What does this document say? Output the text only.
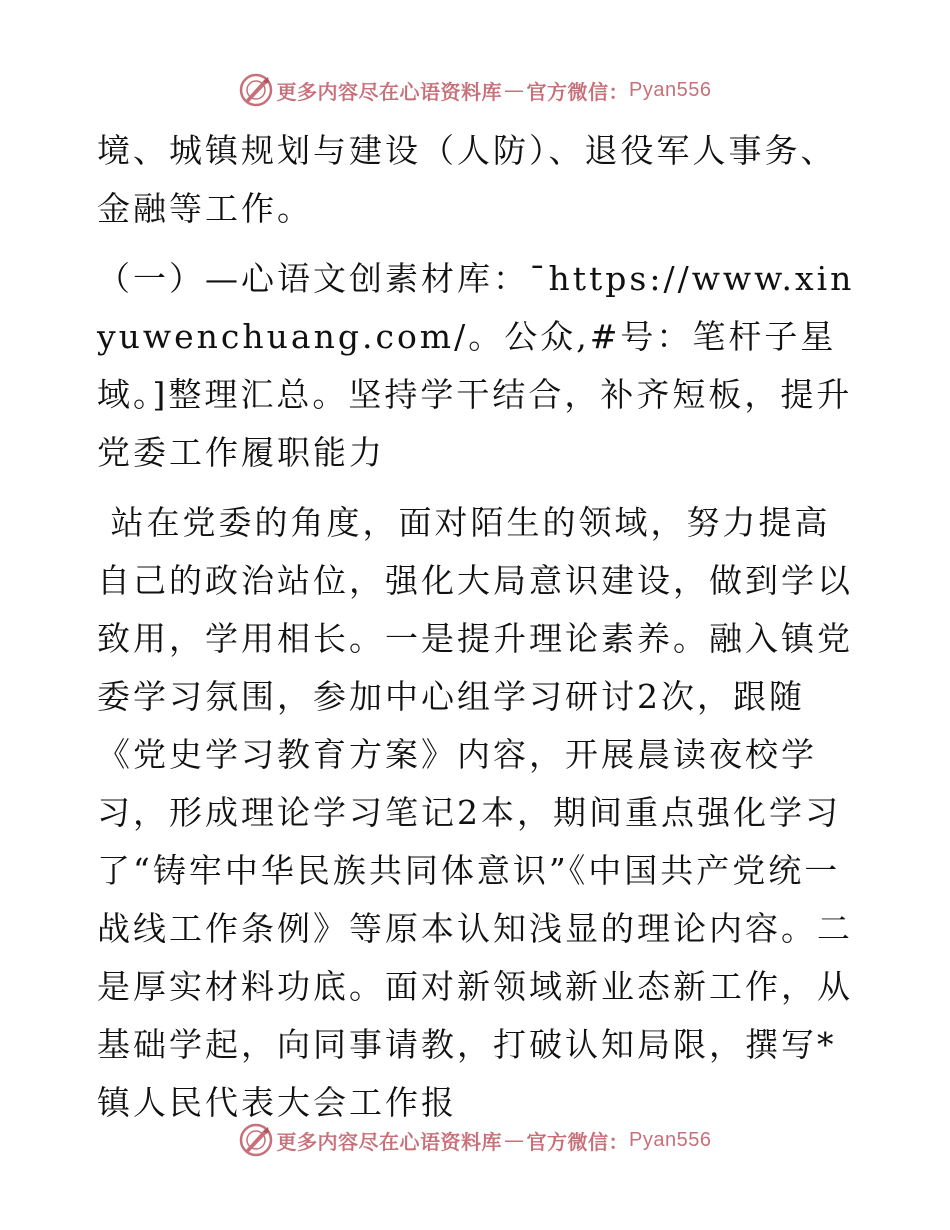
更多内容尽在心语资料库 — 官方微信： Pyan556

境、城镇规划与建设（人防）、退役军人事务、金融等工作。

（一）—心语文创素材库：¯https://www.xinyuwenchuang.com/。公众,#号：笔杆子星域。]整理汇总。坚持学干结合，补齐短板，提升党委工作履职能力

站在党委的角度，面对陌生的领域，努力提高自己的政治站位，强化大局意识建设，做到学以致用，学用相长。一是提升理论素养。融入镇党委学习氛围，参加中心组学习研讨2次，跟随《党史学习教育方案》内容，开展晨读夜校学习，形成理论学习笔记2本，期间重点强化学习了“铸牢中华民族共同体意识”《中国共产党统一战线工作条例》等原本认知浅显的理论内容。二是厚实材料功底。面对新领域新业态新工作，从基础学起，向同事请教，打破认知局限，撰写*镇人民代表大会工作报

更多内容尽在心语资料库 — 官方微信： Pyan556
